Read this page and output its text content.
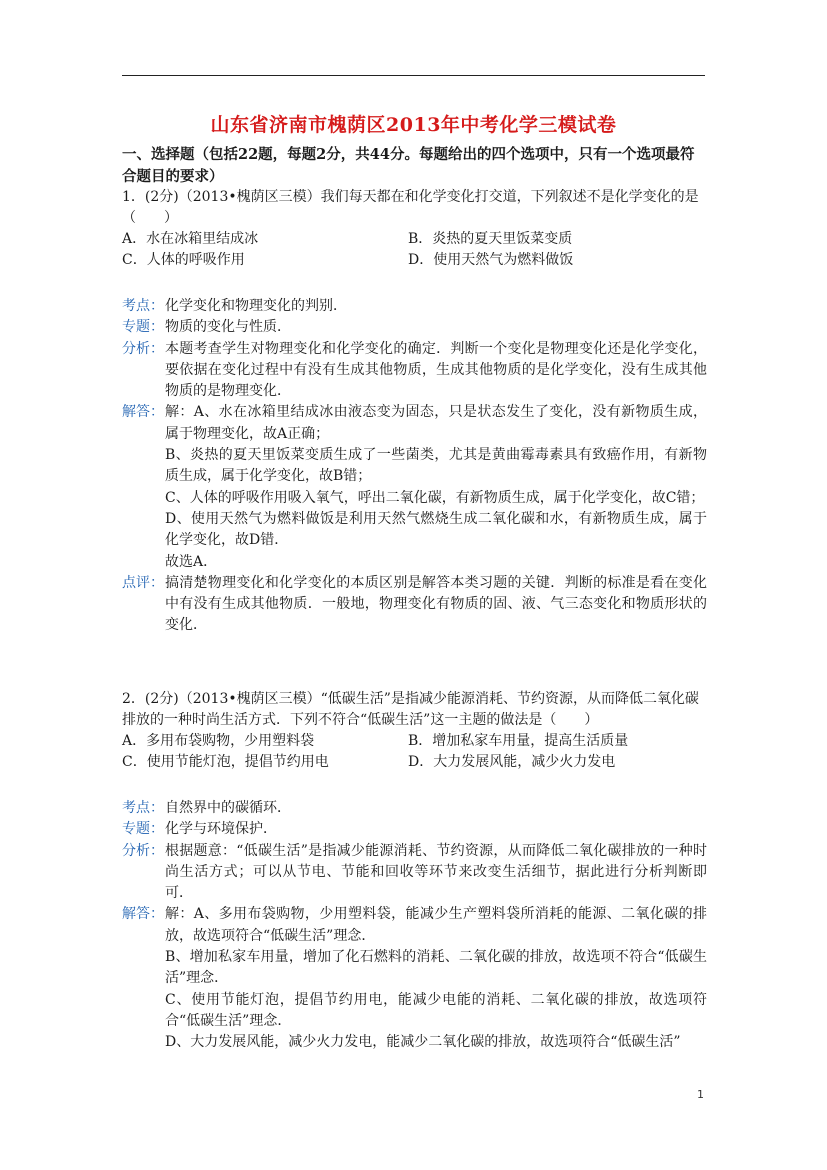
山东省济南市槐荫区2013年中考化学三模试卷
一、选择题（包括22题，每题2分，共44分。每题给出的四个选项中，只有一个选项最符合题目的要求）
1．(2分)（2013•槐荫区三模）我们每天都在和化学变化打交道，下列叙述不是化学变化的是（　　）
A．水在冰箱里结成冰	B．炎热的夏天里饭菜变质
C．人体的呼吸作用	D．使用天然气为燃料做饭
考点： 化学变化和物理变化的判别．
专题： 物质的变化与性质．
分析： 本题考查学生对物理变化和化学变化的确定．判断一个变化是物理变化还是化学变化，要依据在变化过程中有没有生成其他物质，生成其他物质的是化学变化，没有生成其他物质的是物理变化．
解答： 解：A、水在冰箱里结成冰由液态变为固态，只是状态发生了变化，没有新物质生成，属于物理变化，故A正确；

B、炎热的夏天里饭菜变质生成了一些菌类，尤其是黄曲霉毒素具有致癌作用，有新物质生成，属于化学变化，故B错；

C、人体的呼吸作用吸入氧气，呼出二氧化碳，有新物质生成，属于化学变化，故C错；

D、使用天然气为燃料做饭是利用天然气燃烧生成二氧化碳和水，有新物质生成，属于化学变化，故D错．

故选A．

点评： 搞清楚物理变化和化学变化的本质区别是解答本类习题的关键．判断的标准是看在变化中有没有生成其他物质．一般地，物理变化有物质的固、液、气三态变化和物质形状的变化．
2．(2分)（2013•槐荫区三模）“低碳生活”是指减少能源消耗、节约资源，从而降低二氧化碳排放的一种时尚生活方式．下列不符合“低碳生活”这一主题的做法是（　　）
A．多用布袋购物，少用塑料袋	B．增加私家车用量，提高生活质量
C．使用节能灯泡，提倡节约用电	D．大力发展风能，减少火力发电
考点： 自然界中的碳循环．
专题： 化学与环境保护．
分析： 根据题意：“低碳生活”是指减少能源消耗、节约资源，从而降低二氧化碳排放的一种时尚生活方式；可以从节电、节能和回收等环节来改变生活细节，据此进行分析判断即可．
解答： 解：A、多用布袋购物，少用塑料袋，能减少生产塑料袋所消耗的能源、二氧化碳的排放，故选项符合“低碳生活”理念．

B、增加私家车用量，增加了化石燃料的消耗、二氧化碳的排放，故选项不符合“低碳生活”理念．

C、使用节能灯泡，提倡节约用电，能减少电能的消耗、二氧化碳的排放，故选项符合“低碳生活”理念．

D、大力发展风能，减少火力发电，能减少二氧化碳的排放，故选项符合“低碳生活”

1
